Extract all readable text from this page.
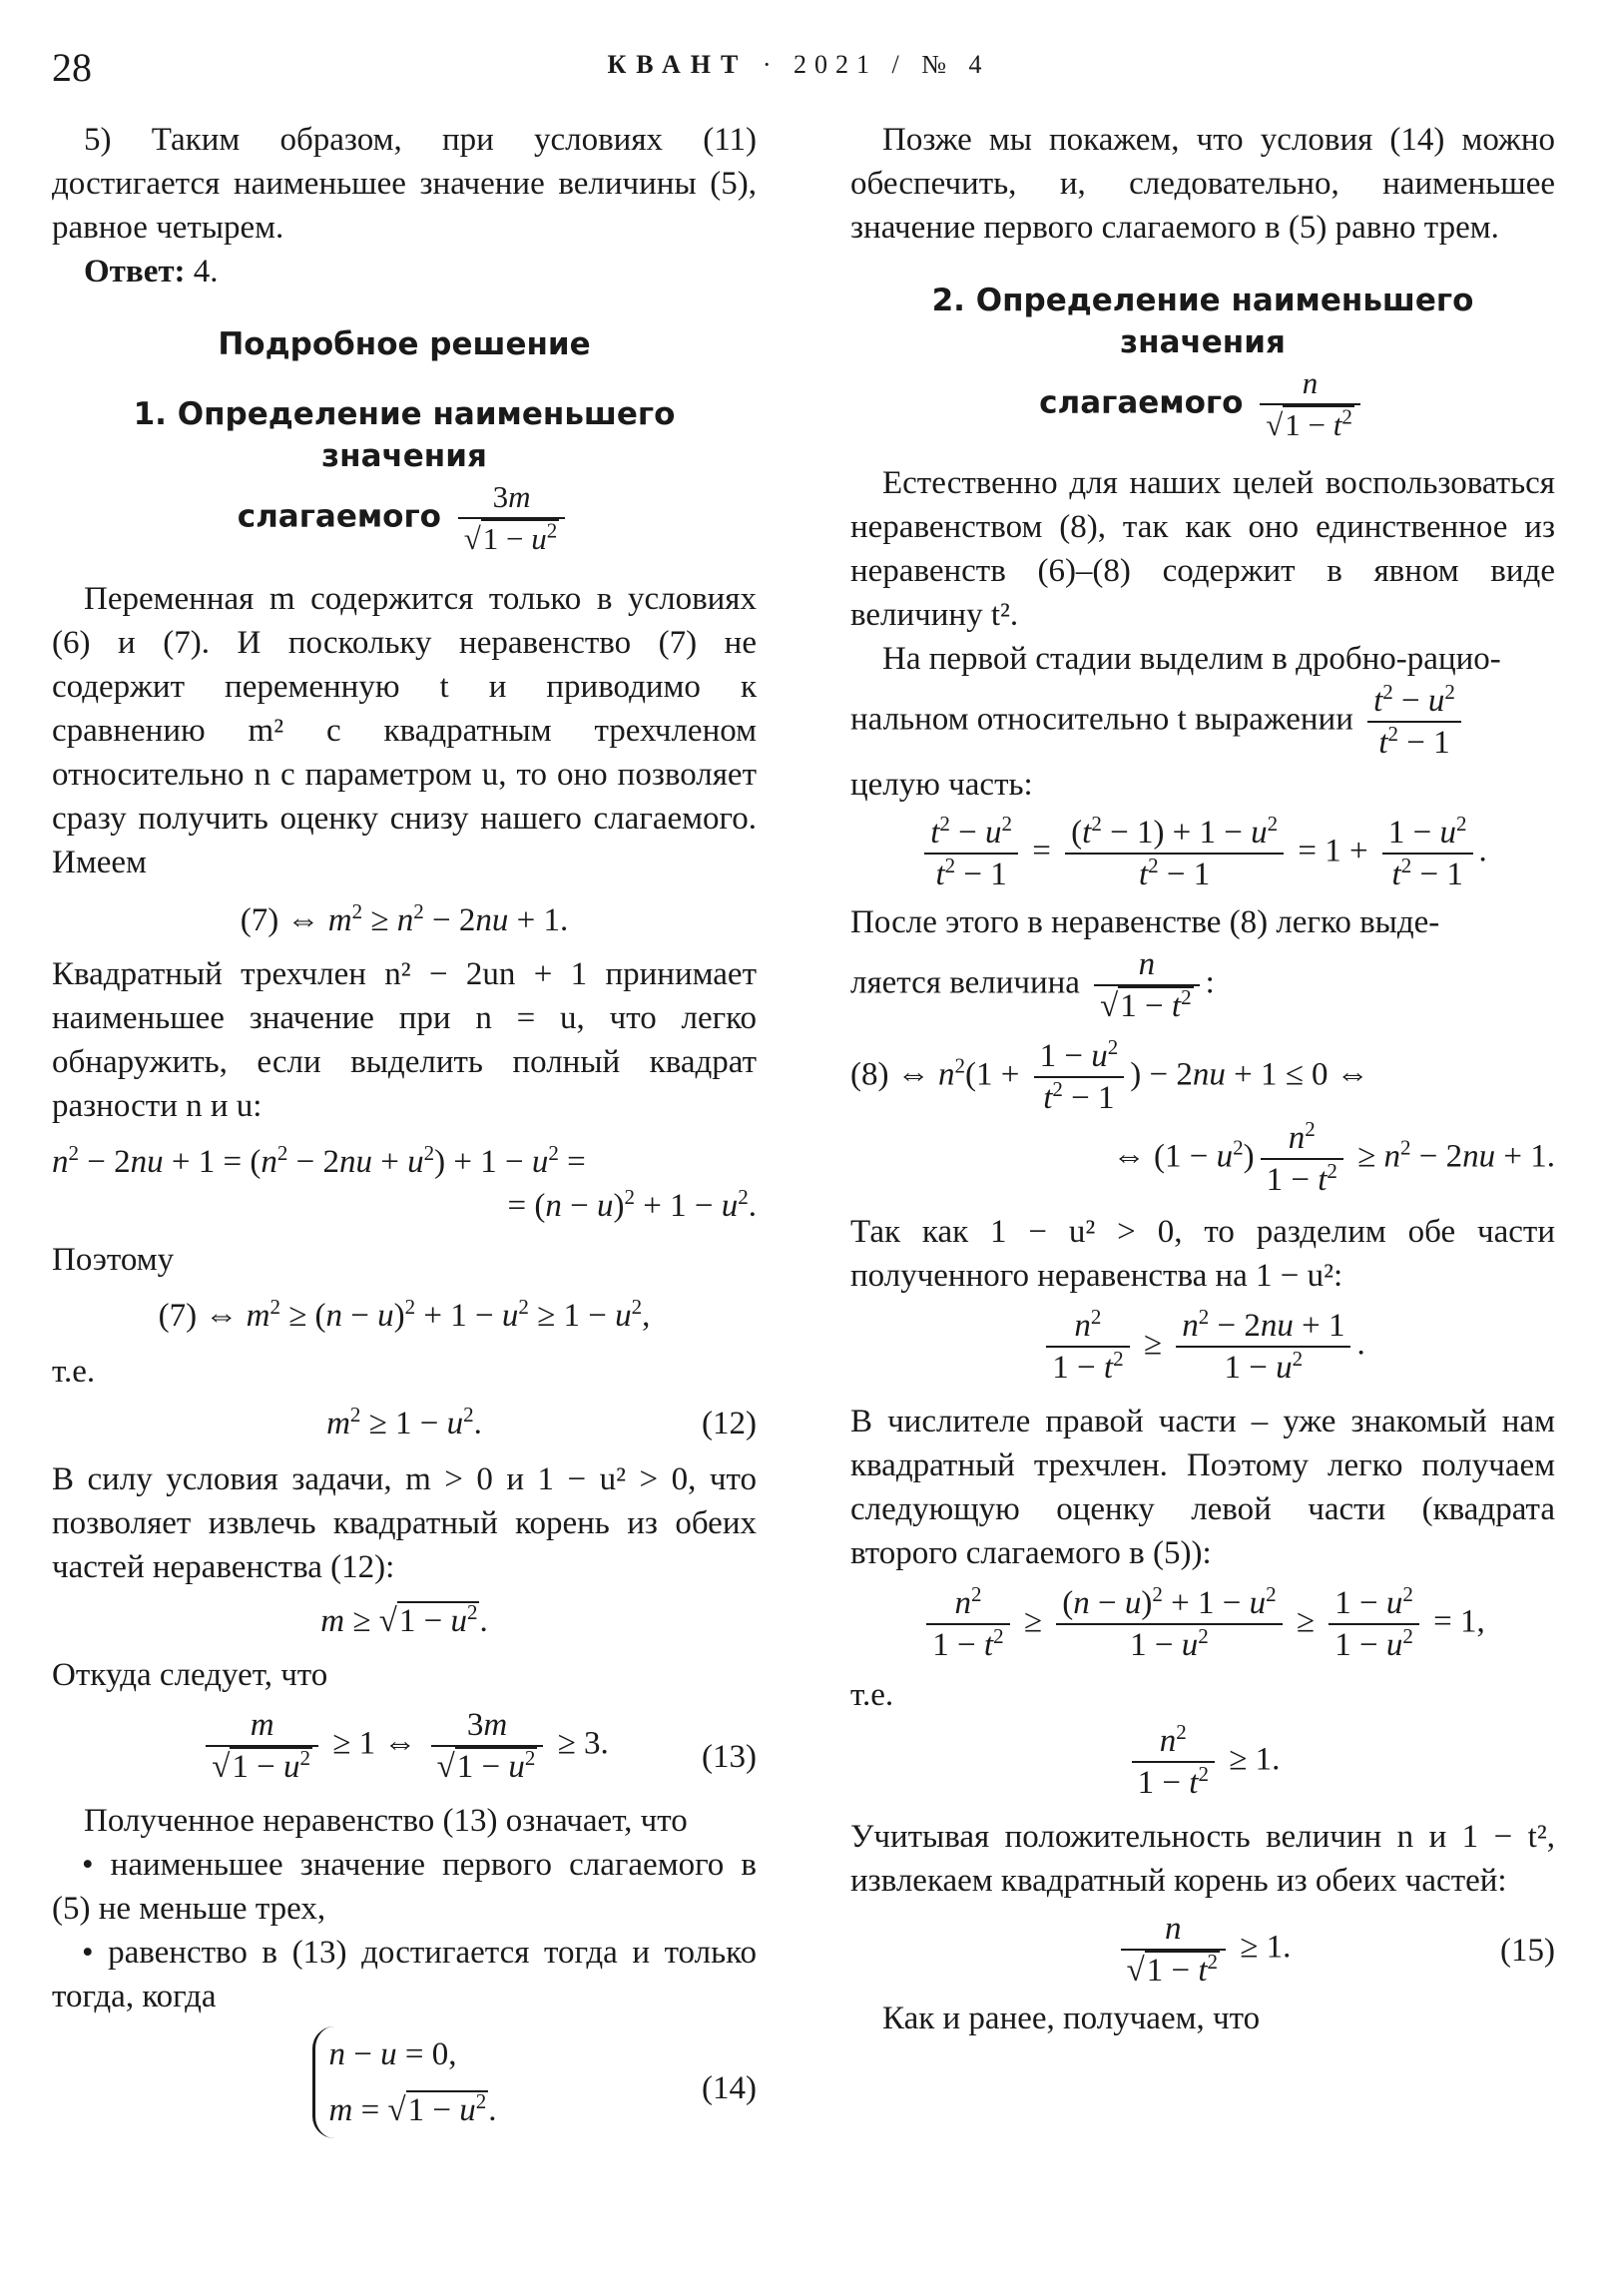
28	КВАНТ · 2021 / № 4

5) Таким образом, при условиях (11) достигается наименьшее значение величины (5), равное четырем.

Ответ: 4.

Подробное решение
1. Определение наименьшего значения
слагаемого $\frac{3m}{√1 - u^2}$

Переменная m содержится только в условиях (6) и (7). И поскольку неравенство (7) не содержит переменную t и приводимо к сравнению m² с квадратным трехчленом относительно n с параметром u, то оно позволяет сразу получить оценку снизу нашего слагаемого. Имеем

(7) ⇔ $m^2 \ge n^2 - 2nu + 1$.

Квадратный трехчлен n² − 2un + 1 принимает наименьшее значение при n = u, что легко обнаружить, если выделить полный квадрат разности n и u:

$n^2 - 2nu + 1 = (n^2 - 2nu + u^2) + 1 - u^2$ =
= $(n - u)^2 + 1 - u^2$.

Поэтому

(7) ⇔ $m^2 \ge (n - u)^2 + 1 - u^2 \ge 1 - u^2$,

т.е.

$m^2 \ge 1 - u^2$.	(12)

В силу условия задачи, m > 0 и 1 − u² > 0, что позволяет извлечь квадратный корень из обеих частей неравенства (12):

$m \ge √1 - u^2$.

Откуда следует, что

$\frac{m}{√1 - u^2} \ge 1$ ⇔ $\frac{3m}{√1 - u^2} \ge 3$.	(13)

Полученное неравенство (13) означает, что

• наименьшее значение первого слагаемого в (5) не меньше трех,

• равенство в (13) достигается тогда и только тогда, когда

n − u = 0,
$m = √1 - u^2$.
(14)

Позже мы покажем, что условия (14) можно обеспечить, и, следовательно, наименьшее значение первого слагаемого в (5) равно трем.

2. Определение наименьшего значения
слагаемого $\frac{n}{√1 - t^2}$

Естественно для наших целей воспользоваться неравенством (8), так как оно единственное из неравенств (6)–(8) содержит в явном виде величину t².

На первой стадии выделим в дробно-рацио-

нальном относительно t выражении $\frac{t^2 - u^2}{t^2 - 1}$

целую часть:

$\frac{t^2 - u^2}{t^2 - 1} = \frac{(t^2 - 1) + 1 - u^2}{t^2 - 1} = 1 + \frac{1 - u^2}{t^2 - 1}$ .

После этого в неравенстве (8) легко выде-

ляется величина $\frac{n}{√1 - t^2}$ :

(8) ⇔ $n^2(1 + \frac{1 - u^2}{t^2 - 1}$ ) − 2nu + 1 ≤ 0 ⇔
⇔ $(1 - u^2) \frac{n^2}{1 - t^2} \ge n^2 - 2nu + 1$.

Так как 1 − u² > 0, то разделим обе части полученного неравенства на 1 − u²:

$\frac{n^2}{1 - t^2} \ge \frac{n^2 - 2nu + 1}{1 - u^2}$ .

В числителе правой части – уже знакомый нам квадратный трехчлен. Поэтому легко получаем следующую оценку левой части (квадрата второго слагаемого в (5)):

$\frac{n^2}{1 - t^2} \ge \frac{(n - u)^2 + 1 - u^2}{1 - u^2} \ge \frac{1 - u^2}{1 - u^2} = 1$,

т.е.

$\frac{n^2}{1 - t^2} \ge 1$.

Учитывая положительность величин n и 1 − t², извлекаем квадратный корень из обеих частей:

$\frac{n}{√1 - t^2} \ge 1$.	(15)

Как и ранее, получаем, что
